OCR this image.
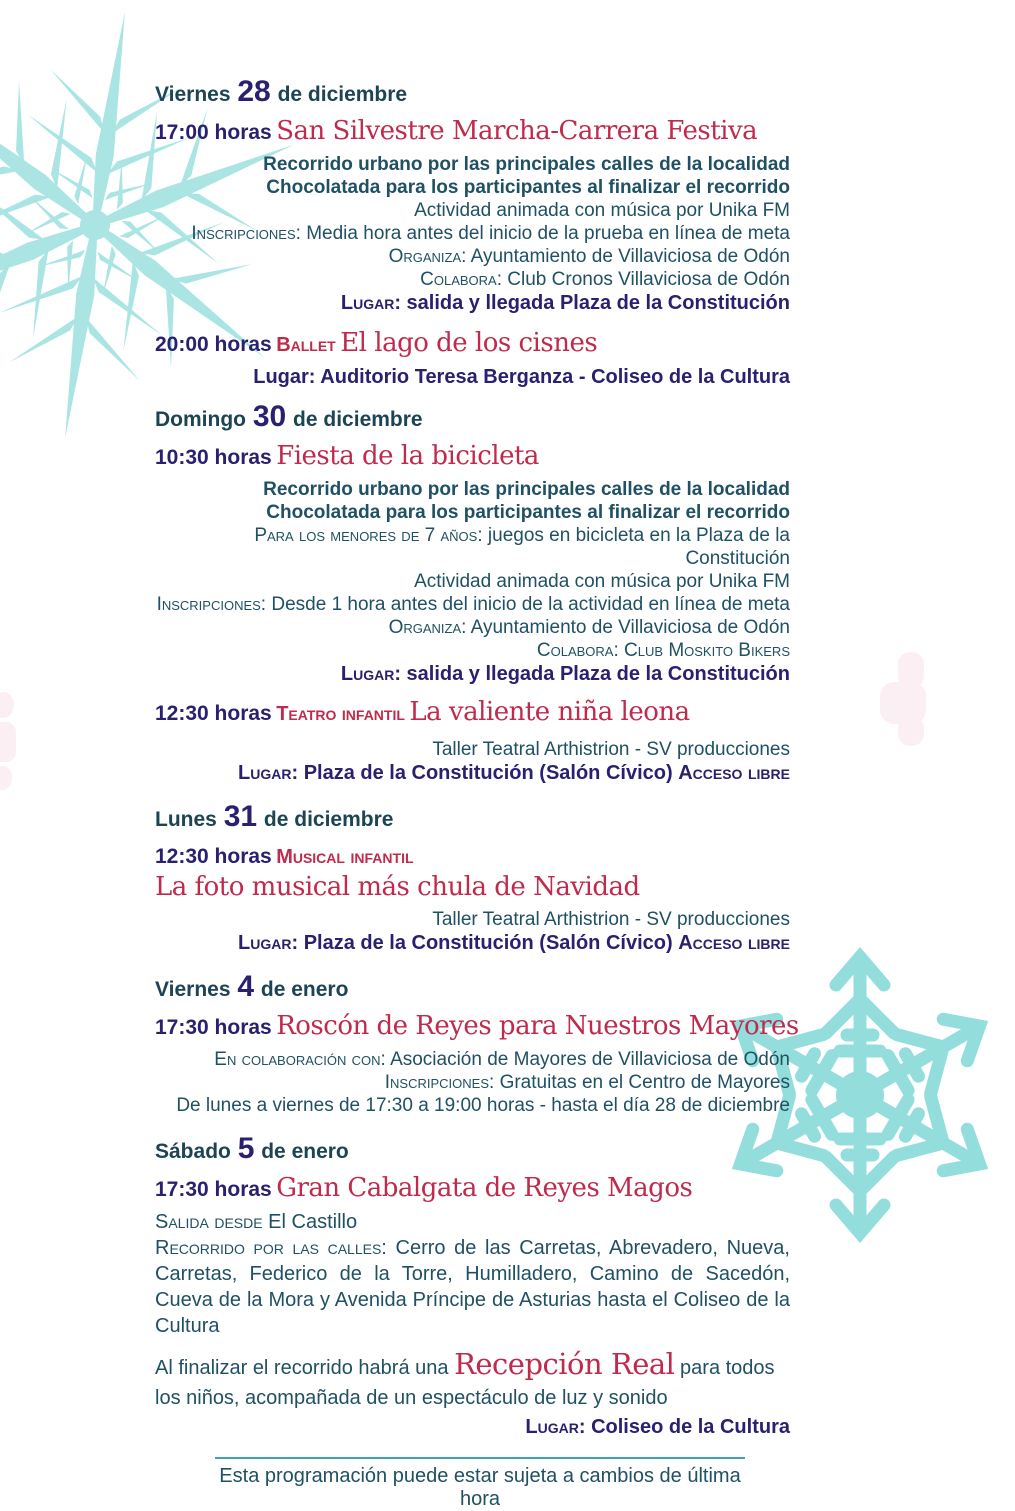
Viernes 28 de diciembre
17:00 horas San Silvestre Marcha-Carrera Festiva
Recorrido urbano por las principales calles de la localidad
Chocolatada para los participantes al finalizar el recorrido
Actividad animada con música por Unika FM
Inscripciones: Media hora antes del inicio de la prueba en línea de meta
Organiza: Ayuntamiento de Villaviciosa de Odón
Colabora: Club Cronos Villaviciosa de Odón
Lugar: salida y llegada Plaza de la Constitución
20:00 horas Ballet El lago de los cisnes
Lugar: Auditorio Teresa Berganza - Coliseo de la Cultura
Domingo 30 de diciembre
10:30 horas Fiesta de la bicicleta
Recorrido urbano por las principales calles de la localidad
Chocolatada para los participantes al finalizar el recorrido
Para los menores de 7 años: juegos en bicicleta en la Plaza de la Constitución
Actividad animada con música por Unika FM
Inscripciones: Desde 1 hora antes del inicio de la actividad en línea de meta
Organiza: Ayuntamiento de Villaviciosa de Odón
Colabora: Club Moskito Bikers
Lugar: salida y llegada Plaza de la Constitución
12:30 horas Teatro infantil La valiente niña leona
Taller Teatral Arthistrion - SV producciones
Lugar: Plaza de la Constitución (Salón Cívico) Acceso libre
Lunes 31 de diciembre
12:30 horas Musical infantil
La foto musical más chula de Navidad
Taller Teatral Arthistrion - SV producciones
Lugar: Plaza de la Constitución (Salón Cívico) Acceso libre
Viernes 4 de enero
17:30 horas Roscón de Reyes para Nuestros Mayores
En colaboración con: Asociación de Mayores de Villaviciosa de Odón
Inscripciones: Gratuitas en el Centro de Mayores
De lunes a viernes de 17:30 a 19:00 horas - hasta el día 28 de diciembre
Sábado 5 de enero
17:30 horas Gran Cabalgata de Reyes Magos
Salida desde El Castillo
Recorrido por las calles: Cerro de las Carretas, Abrevadero, Nueva, Carretas, Federico de la Torre, Humilladero, Camino de Sacedón, Cueva de la Mora y Avenida Príncipe de Asturias hasta el Coliseo de la Cultura

Al finalizar el recorrido habrá una Recepción Real para todos los niños, acompañada de un espectáculo de luz y sonido

Lugar: Coliseo de la Cultura
Esta programación puede estar sujeta a cambios de última hora
